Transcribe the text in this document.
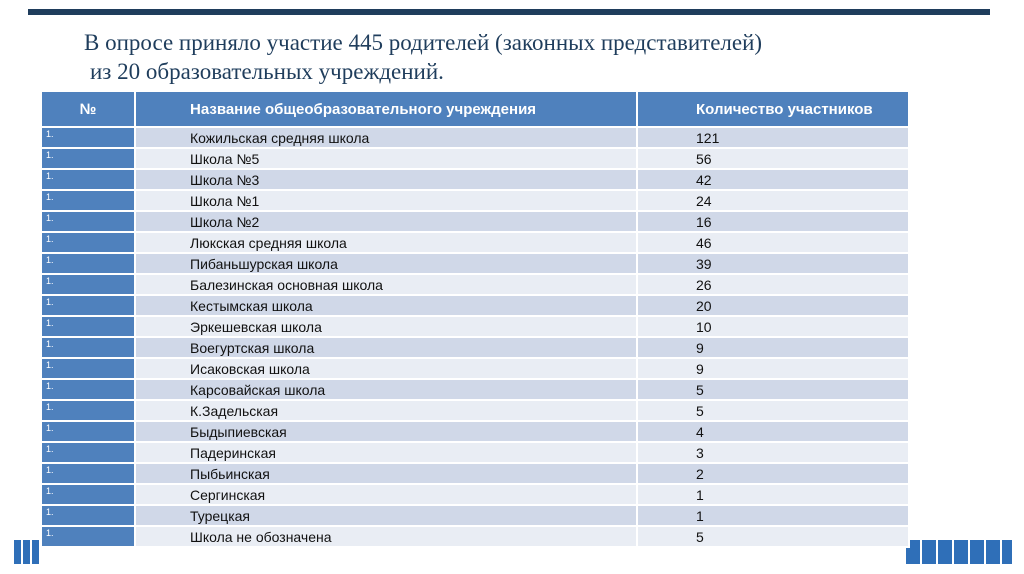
В опросе приняло участие 445 родителей (законных представителей)
из 20 образовательных учреждений.
№	Название общеобразовательного учреждения	Количество участников
1.	Кожильская средняя школа	121
1.	Школа №5	56
1.	Школа №3	42
1.	Школа №1	24
1.	Школа №2	16
1.	Люкская средняя школа	46
1.	Пибаньшурская школа	39
1.	Балезинская основная школа	26
1.	Кестымская школа	20
1.	Эркешевская школа	10
1.	Воегуртская школа	9
1.	Исаковская школа	9
1.	Карсовайская школа	5
1.	К.Задельская	5
1.	Быдыпиевская	4
1.	Падеринская	3
1.	Пыбьинская	2
1.	Сергинская	1
1.	Турецкая	1
1.	Школа не обозначена	5
